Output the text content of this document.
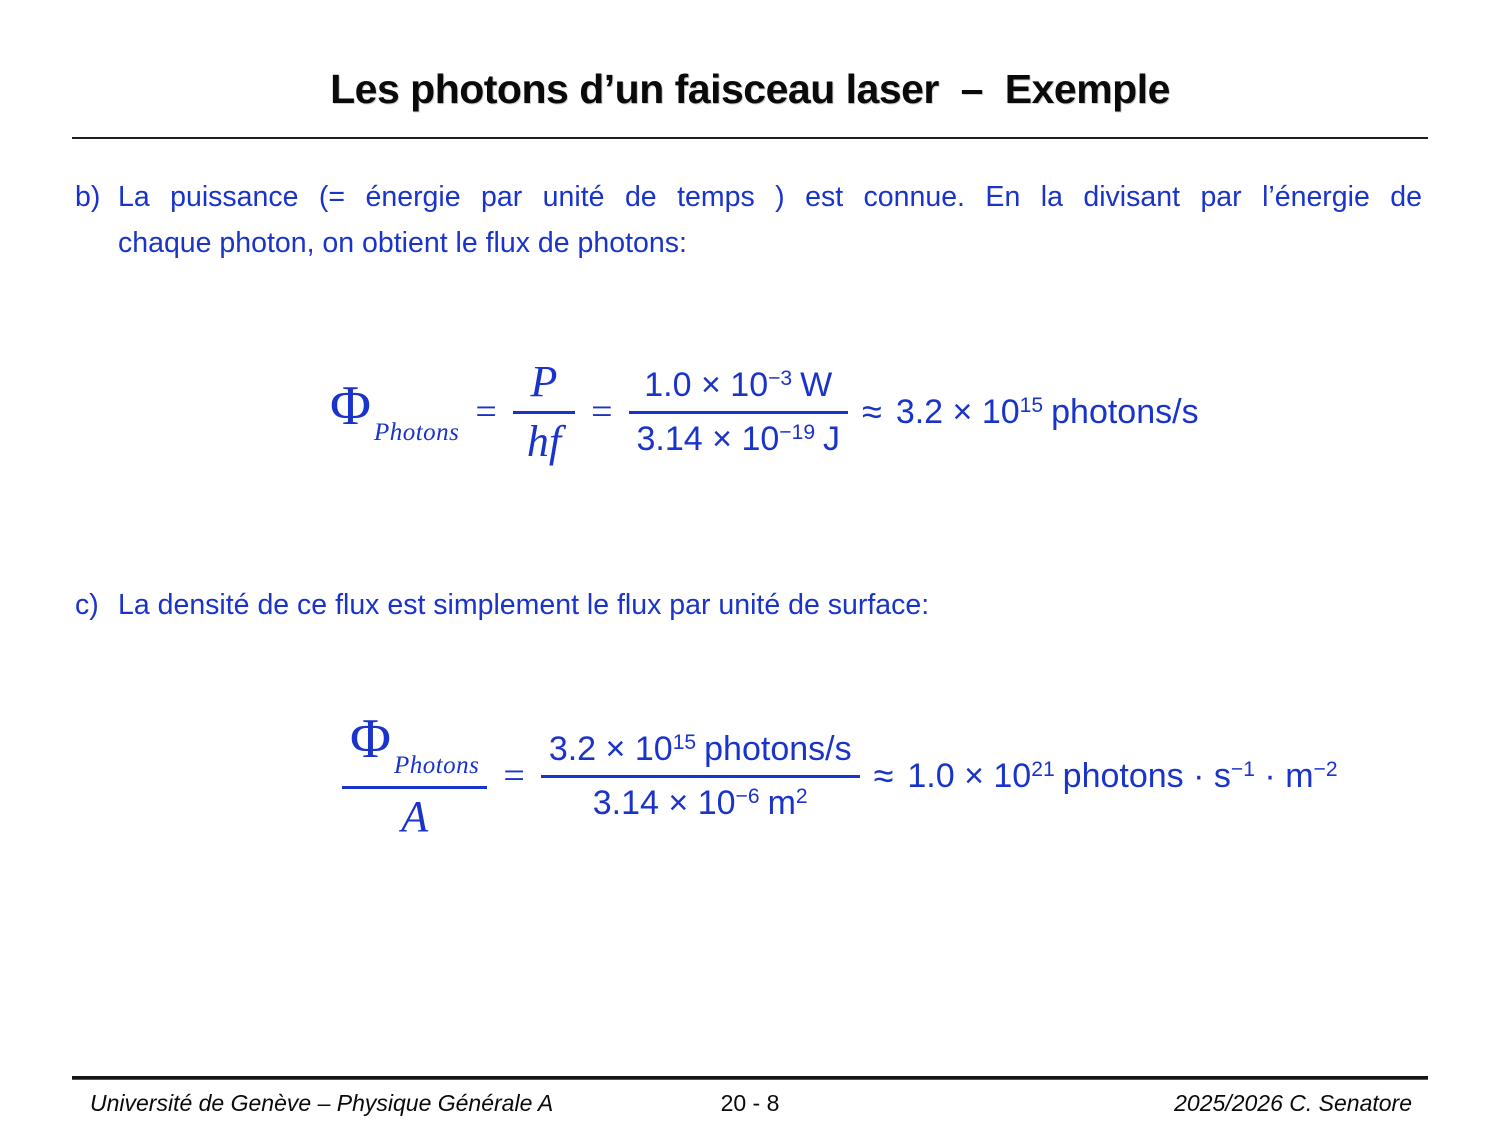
Les photons d’un faisceau laser  –  Exemple
b) La puissance (= énergie par unité de temps ) est connue. En la divisant par l’énergie de
chaque photon, on obtient le flux de photons:
Φ $_{Photons} = \frac{P}{hf} = \frac{1.0 \times 10^{-3} W}{3.14 \times 10^{-19} J} \approx 3.2 \times 10^{15}$ photons/s
c) La densité de ce flux est simplement le flux par unité de surface:
$\frac{\Phi _{Photons}}{A} = \frac{3.2 \times 10^{15} photons/s}{3.14 \times 10^{-6} m^2} \approx 1.0 \times 10^{21}$ photons · $s^{-1} \cdot m^{-2}$
Université de Genève – Physique Générale A	20 - 8	2025/2026 C. Senatore
